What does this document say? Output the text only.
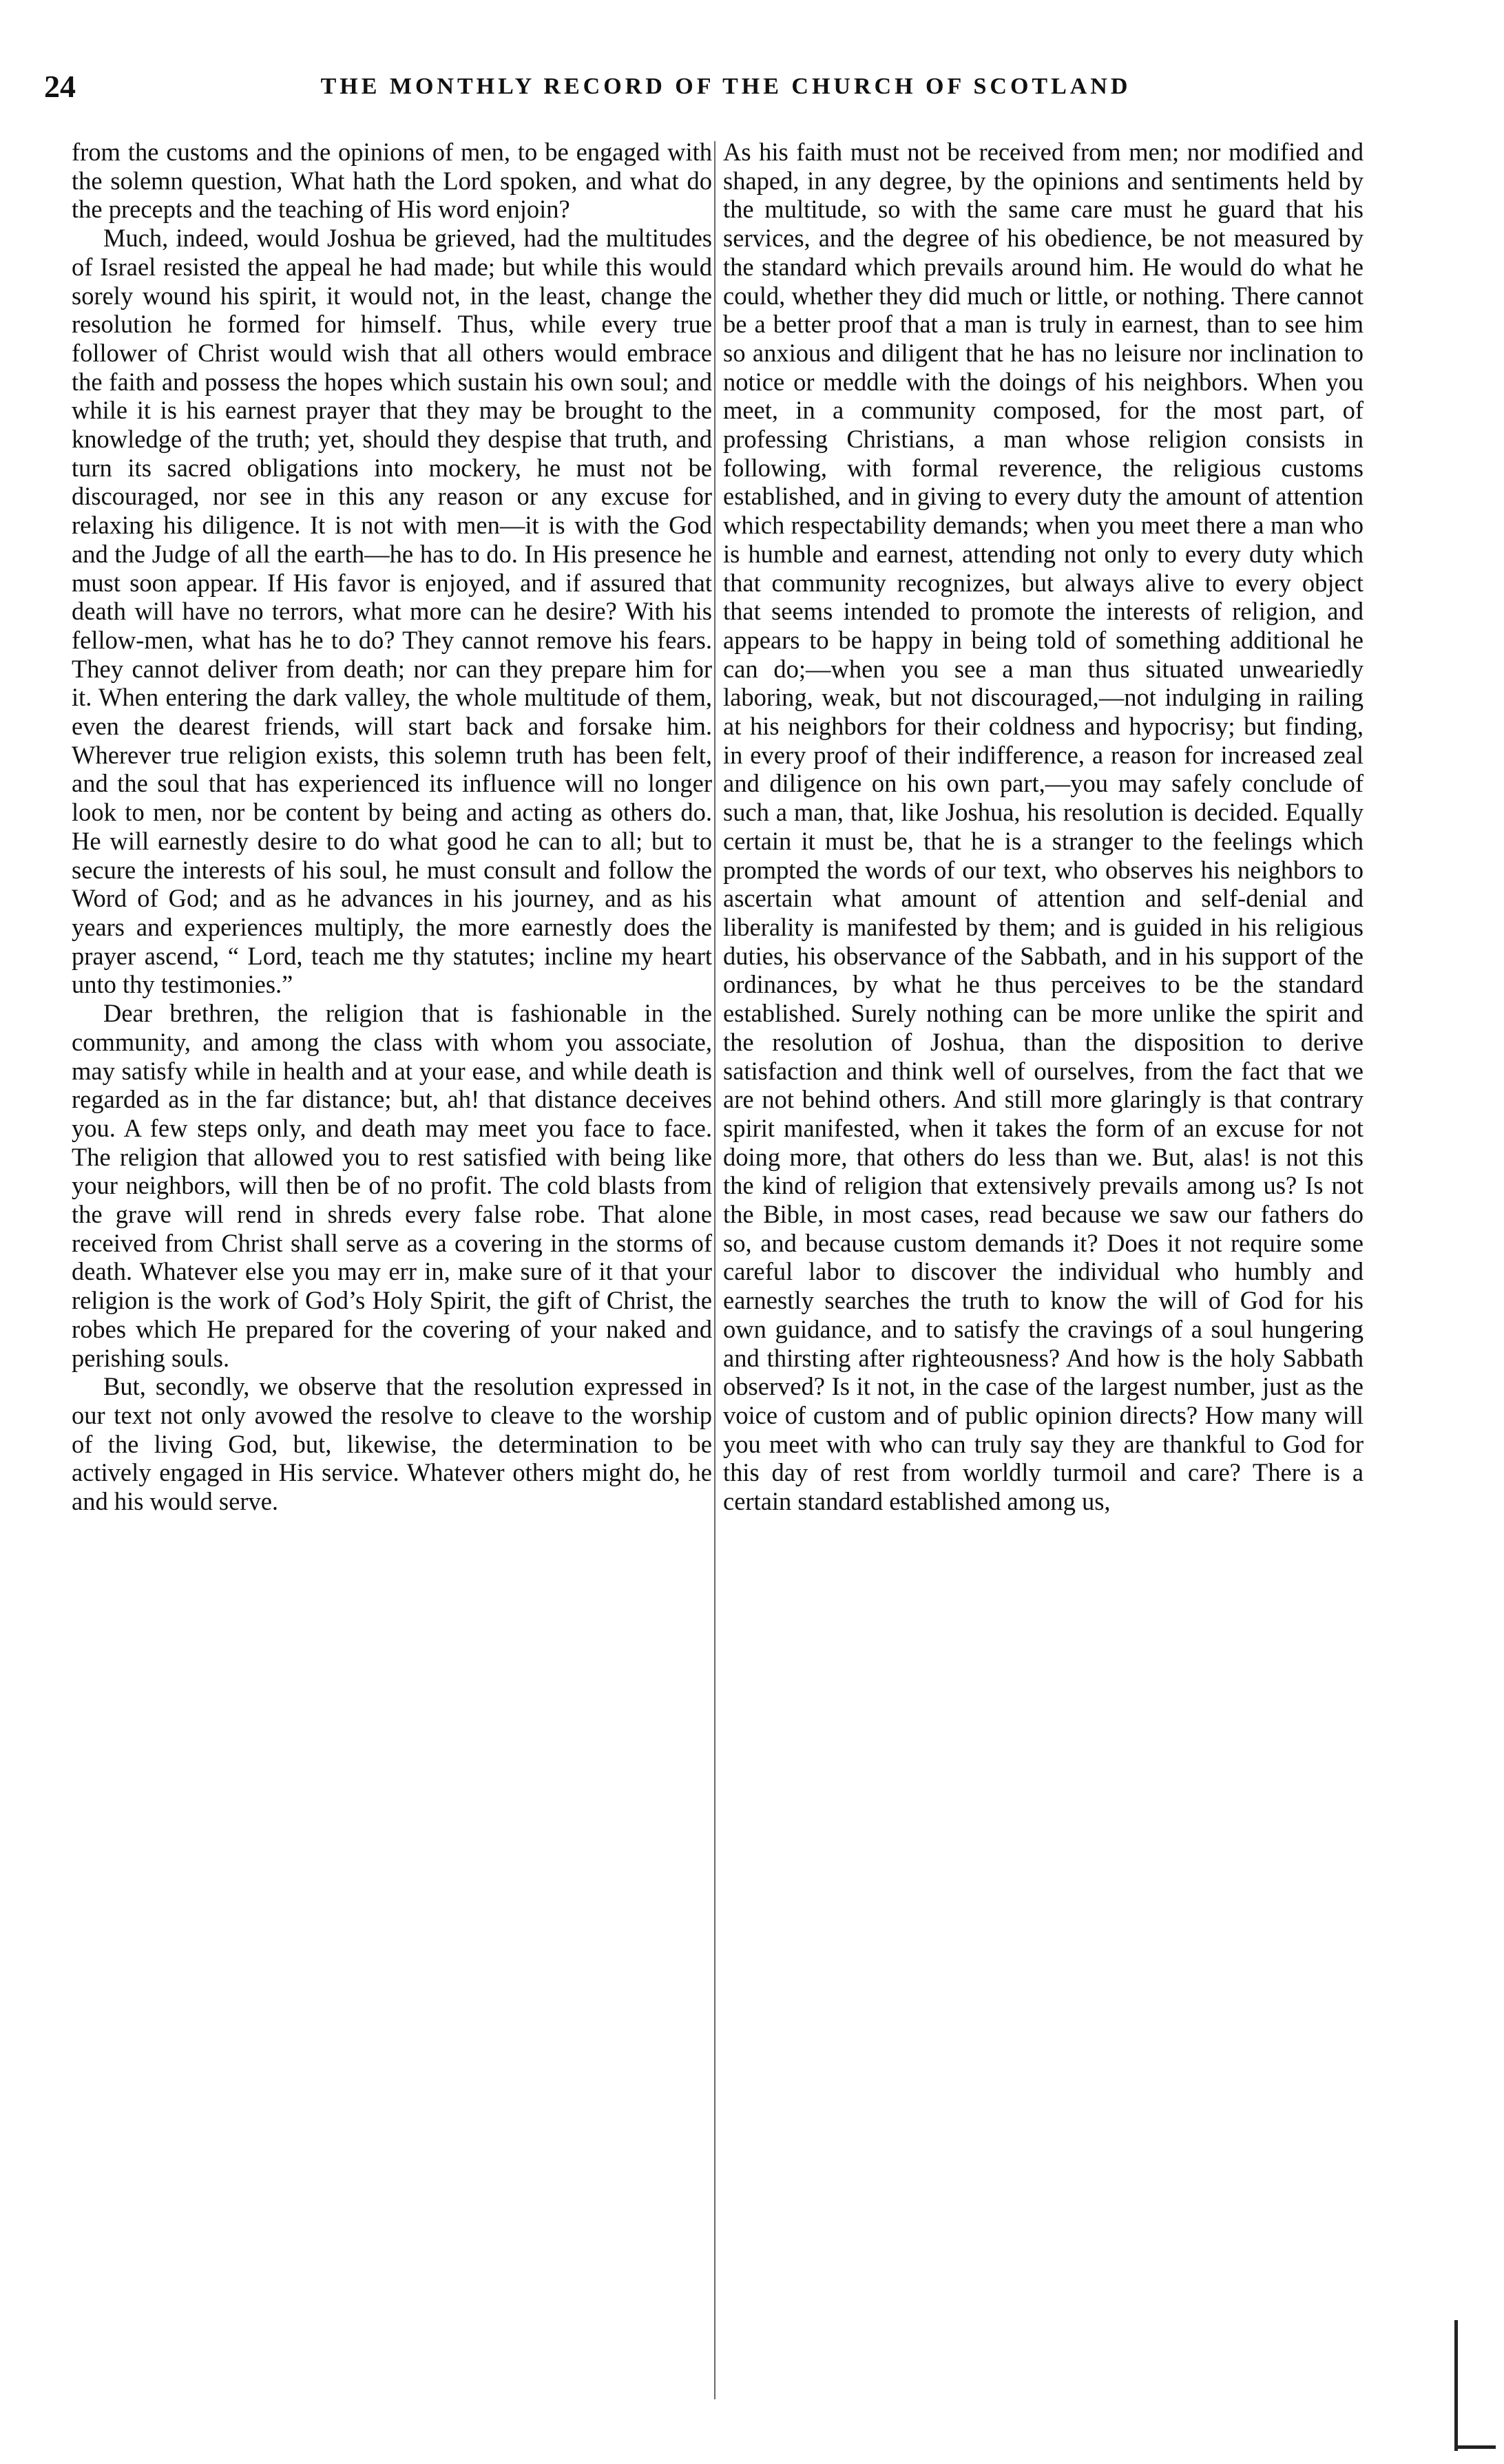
24	THE MONTHLY RECORD OF THE CHURCH OF SCOTLAND

from the customs and the opinions of men, to be engaged with the solemn question, What hath the Lord spoken, and what do the precepts and the teaching of His word enjoin?

Much, indeed, would Joshua be grieved, had the multitudes of Israel resisted the appeal he had made; but while this would sorely wound his spirit, it would not, in the least, change the resolution he formed for himself. Thus, while every true follower of Christ would wish that all others would embrace the faith and possess the hopes which sustain his own soul; and while it is his earnest prayer that they may be brought to the knowledge of the truth; yet, should they despise that truth, and turn its sacred obligations into mockery, he must not be discouraged, nor see in this any reason or any excuse for relaxing his diligence. It is not with men—it is with the God and the Judge of all the earth—he has to do. In His presence he must soon appear. If His favor is enjoyed, and if assured that death will have no terrors, what more can he desire? With his fellow-men, what has he to do? They cannot remove his fears. They cannot deliver from death; nor can they prepare him for it. When entering the dark valley, the whole multitude of them, even the dearest friends, will start back and forsake him. Wherever true religion exists, this solemn truth has been felt, and the soul that has experienced its influence will no longer look to men, nor be content by being and acting as others do. He will earnestly desire to do what good he can to all; but to secure the interests of his soul, he must consult and follow the Word of God; and as he advances in his journey, and as his years and experiences multiply, the more earnestly does the prayer ascend, “ Lord, teach me thy statutes; incline my heart unto thy testimonies.”

Dear brethren, the religion that is fashionable in the community, and among the class with whom you associate, may satisfy while in health and at your ease, and while death is regarded as in the far distance; but, ah! that distance deceives you. A few steps only, and death may meet you face to face. The religion that allowed you to rest satisfied with being like your neighbors, will then be of no profit. The cold blasts from the grave will rend in shreds every false robe. That alone received from Christ shall serve as a covering in the storms of death. Whatever else you may err in, make sure of it that your religion is the work of God’s Holy Spirit, the gift of Christ, the robes which He prepared for the covering of your naked and perishing souls.

But, secondly, we observe that the resolution expressed in our text not only avowed the resolve to cleave to the worship of the living God, but, likewise, the determination to be actively engaged in His service. Whatever others might do, he and his would serve.

As his faith must not be received from men; nor modified and shaped, in any degree, by the opinions and sentiments held by the multitude, so with the same care must he guard that his services, and the degree of his obedience, be not measured by the standard which prevails around him. He would do what he could, whether they did much or little, or nothing. There cannot be a better proof that a man is truly in earnest, than to see him so anxious and diligent that he has no leisure nor inclination to notice or meddle with the doings of his neighbors. When you meet, in a community composed, for the most part, of professing Christians, a man whose religion consists in following, with formal reverence, the religious customs established, and in giving to every duty the amount of attention which respectability demands; when you meet there a man who is humble and earnest, attending not only to every duty which that community recognizes, but always alive to every object that seems intended to promote the interests of religion, and appears to be happy in being told of something additional he can do;—when you see a man thus situated unweariedly laboring, weak, but not discouraged,—not indulging in railing at his neighbors for their coldness and hypocrisy; but finding, in every proof of their indifference, a reason for increased zeal and diligence on his own part,—you may safely conclude of such a man, that, like Joshua, his resolution is decided. Equally certain it must be, that he is a stranger to the feelings which prompted the words of our text, who observes his neighbors to ascertain what amount of attention and self-denial and liberality is manifested by them; and is guided in his religious duties, his observance of the Sabbath, and in his support of the ordinances, by what he thus perceives to be the standard established. Surely nothing can be more unlike the spirit and the resolution of Joshua, than the disposition to derive satisfaction and think well of ourselves, from the fact that we are not behind others. And still more glaringly is that contrary spirit manifested, when it takes the form of an excuse for not doing more, that others do less than we. But, alas! is not this the kind of religion that extensively prevails among us? Is not the Bible, in most cases, read because we saw our fathers do so, and because custom demands it? Does it not require some careful labor to discover the individual who humbly and earnestly searches the truth to know the will of God for his own guidance, and to satisfy the cravings of a soul hungering and thirsting after righteousness? And how is the holy Sabbath observed? Is it not, in the case of the largest number, just as the voice of custom and of public opinion directs? How many will you meet with who can truly say they are thankful to God for this day of rest from worldly turmoil and care? There is a certain standard established among us,
